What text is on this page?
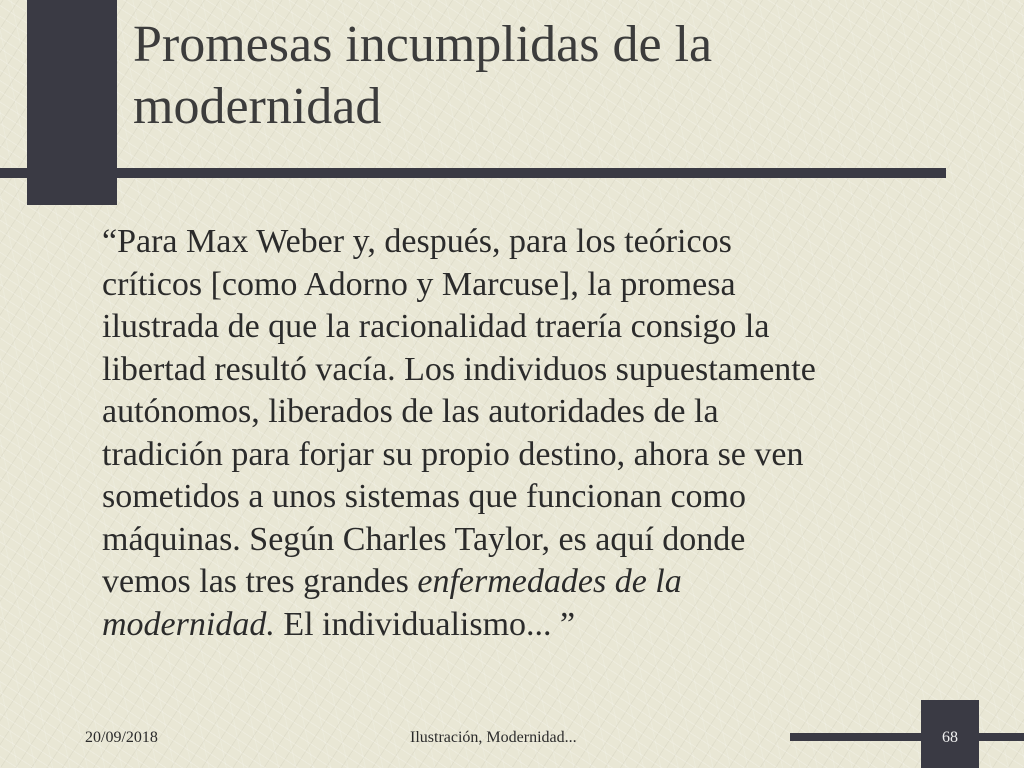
Promesas incumplidas de la
modernidad
“Para Max Weber y, después, para los teóricos
críticos [como Adorno y Marcuse], la promesa
ilustrada de que la racionalidad traería consigo la
libertad resultó vacía. Los individuos supuestamente
autónomos, liberados de las autoridades de la
tradición para forjar su propio destino, ahora se ven
sometidos a unos sistemas que funcionan como
máquinas. Según Charles Taylor, es aquí donde
vemos las tres grandes enfermedades de la
modernidad. El individualismo... ”
20/09/2018	Ilustración, Modernidad...	68
